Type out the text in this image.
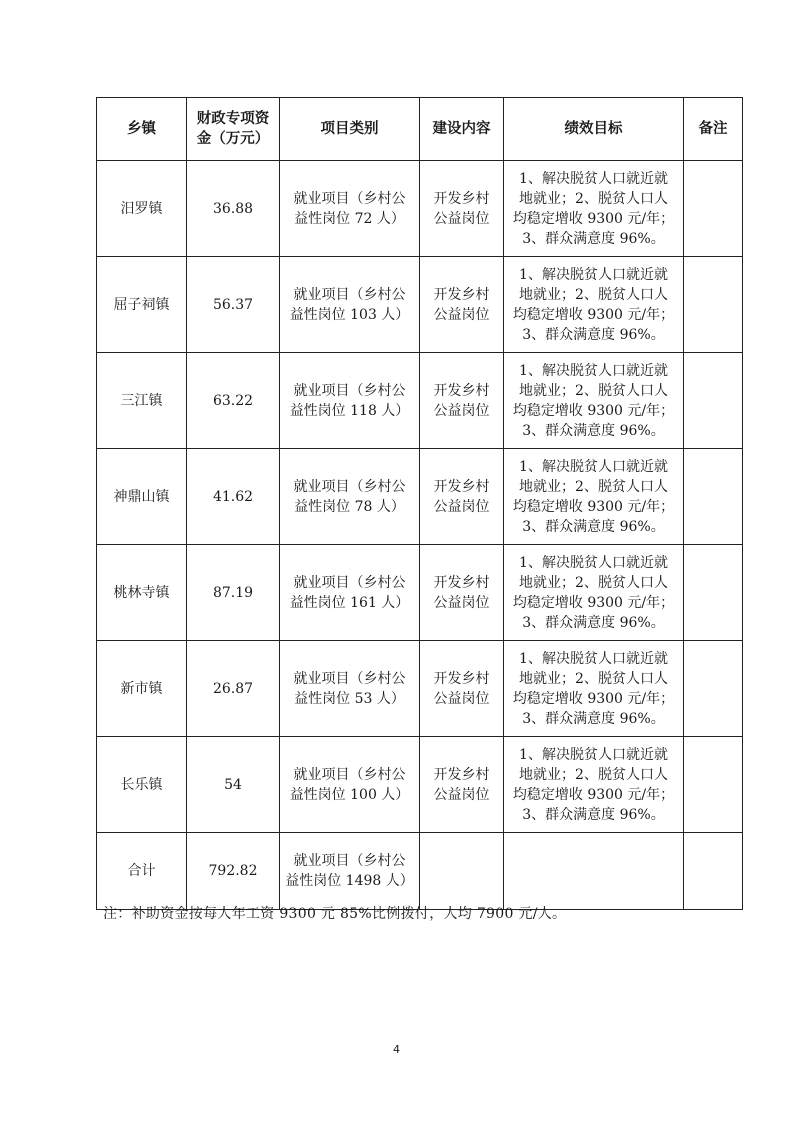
乡镇	财政专项资
金（万元）	项目类别	建设内容	绩效目标	备注
汨罗镇	36.88	就业项目（乡村公
益性岗位 72 人）	开发乡村
公益岗位	1、解决脱贫人口就近就
地就业；2、脱贫人口人
均稳定增收 9300 元/年；
3、群众满意度 96%。	

屈子祠镇	56.37	就业项目（乡村公
益性岗位 103 人）	开发乡村
公益岗位	1、解决脱贫人口就近就
地就业；2、脱贫人口人
均稳定增收 9300 元/年；
3、群众满意度 96%。	

三江镇	63.22	就业项目（乡村公
益性岗位 118 人）	开发乡村
公益岗位	1、解决脱贫人口就近就
地就业；2、脱贫人口人
均稳定增收 9300 元/年；
3、群众满意度 96%。	

神鼎山镇	41.62	就业项目（乡村公
益性岗位 78 人）	开发乡村
公益岗位	1、解决脱贫人口就近就
地就业；2、脱贫人口人
均稳定增收 9300 元/年；
3、群众满意度 96%。	

桃林寺镇	87.19	就业项目（乡村公
益性岗位 161 人）	开发乡村
公益岗位	1、解决脱贫人口就近就
地就业；2、脱贫人口人
均稳定增收 9300 元/年；
3、群众满意度 96%。	

新市镇	26.87	就业项目（乡村公
益性岗位 53 人）	开发乡村
公益岗位	1、解决脱贫人口就近就
地就业；2、脱贫人口人
均稳定增收 9300 元/年；
3、群众满意度 96%。	

长乐镇	54	就业项目（乡村公
益性岗位 100 人）	开发乡村
公益岗位	1、解决脱贫人口就近就
地就业；2、脱贫人口人
均稳定增收 9300 元/年；
3、群众满意度 96%。	

合计	792.82	就业项目（乡村公
益性岗位 1498 人）			

注：补助资金按每人年工资 9300 元 85%比例拨付，人均 7900 元/人。
4
